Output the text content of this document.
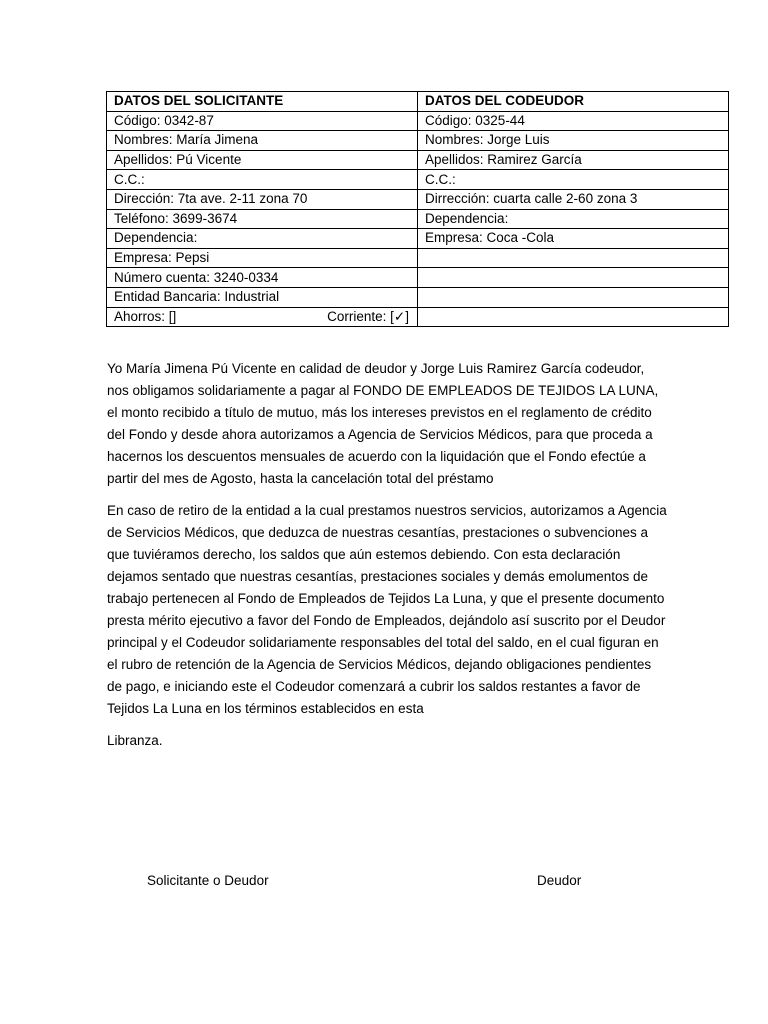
DATOS DEL SOLICITANTE	DATOS DEL CODEUDOR
Código: 0342-87	Código: 0325-44
Nombres: María Jimena	Nombres: Jorge Luis
Apellidos: Pú Vicente	Apellidos: Ramirez García
C.C.:	C.C.:
Dirección: 7ta ave. 2-11 zona 70	Dirrección: cuarta calle 2-60 zona 3
Teléfono: 3699-3674	Dependencia:
Dependencia:	Empresa: Coca -Cola
Empresa: Pepsi	
Número cuenta: 3240-0334	
Entidad Bancaria: Industrial	

Ahorros: [] Corriente: [✓]	

Yo María Jimena Pú Vicente en calidad de deudor y Jorge Luis Ramirez García codeudor, nos obligamos solidariamente a pagar al FONDO DE EMPLEADOS DE TEJIDOS LA LUNA, el monto recibido a título de mutuo, más los intereses previstos en el reglamento de crédito del Fondo y desde ahora autorizamos a Agencia de Servicios Médicos, para que proceda a hacernos los descuentos mensuales de acuerdo con la liquidación que el Fondo efectúe a partir del mes de Agosto, hasta la cancelación total del préstamo

En caso de retiro de la entidad a la cual prestamos nuestros servicios, autorizamos a Agencia de Servicios Médicos, que deduzca de nuestras cesantías, prestaciones o subvenciones a que tuviéramos derecho, los saldos que aún estemos debiendo. Con esta declaración dejamos sentado que nuestras cesantías, prestaciones sociales y demás emolumentos de trabajo pertenecen al Fondo de Empleados de Tejidos La Luna, y que el presente documento presta mérito ejecutivo a favor del Fondo de Empleados, dejándolo así suscrito por el Deudor principal y el Codeudor solidariamente responsables del total del saldo, en el cual figuran en el rubro de retención de la Agencia de Servicios Médicos, dejando obligaciones pendientes de pago, e iniciando este el Codeudor comenzará a cubrir los saldos restantes a favor de Tejidos La Luna en los términos establecidos en esta

Libranza.

Solicitante o Deudor	Deudor
